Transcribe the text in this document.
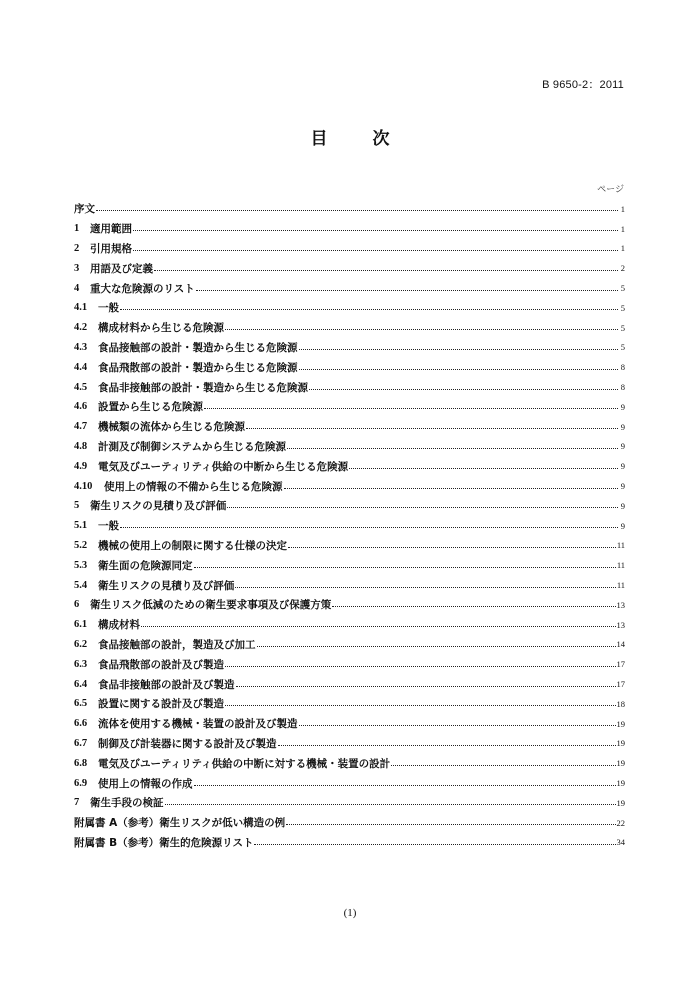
B 9650-2：2011
目　次
ページ
序文	1
1	適用範囲	1
2	引用規格	1
3	用語及び定義	2
4	重大な危険源のリスト	5
4.1	一般	5
4.2	構成材料から生じる危険源	5
4.3	食品接触部の設計・製造から生じる危険源	5
4.4	食品飛散部の設計・製造から生じる危険源	8
4.5	食品非接触部の設計・製造から生じる危険源	8
4.6	設置から生じる危険源	9
4.7	機械類の流体から生じる危険源	9
4.8	計測及び制御システムから生じる危険源	9
4.9	電気及びユーティリティ供給の中断から生じる危険源	9
4.10	使用上の情報の不備から生じる危険源	9
5	衛生リスクの見積り及び評価	9
5.1	一般	9
5.2	機械の使用上の制限に関する仕様の決定	11
5.3	衛生面の危険源同定	11
5.4	衛生リスクの見積り及び評価	11
6	衛生リスク低減のための衛生要求事項及び保護方策	13
6.1	構成材料	13
6.2	食品接触部の設計，製造及び加工	14
6.3	食品飛散部の設計及び製造	17
6.4	食品非接触部の設計及び製造	17
6.5	設置に関する設計及び製造	18
6.6	流体を使用する機械・装置の設計及び製造	19
6.7	制御及び計装器に関する設計及び製造	19
6.8	電気及びユーティリティ供給の中断に対する機械・装置の設計	19
6.9	使用上の情報の作成	19
7	衛生手段の検証	19
附属書 A（参考）衛生リスクが低い構造の例	22
附属書 B（参考）衛生的危険源リスト	34
(1)
